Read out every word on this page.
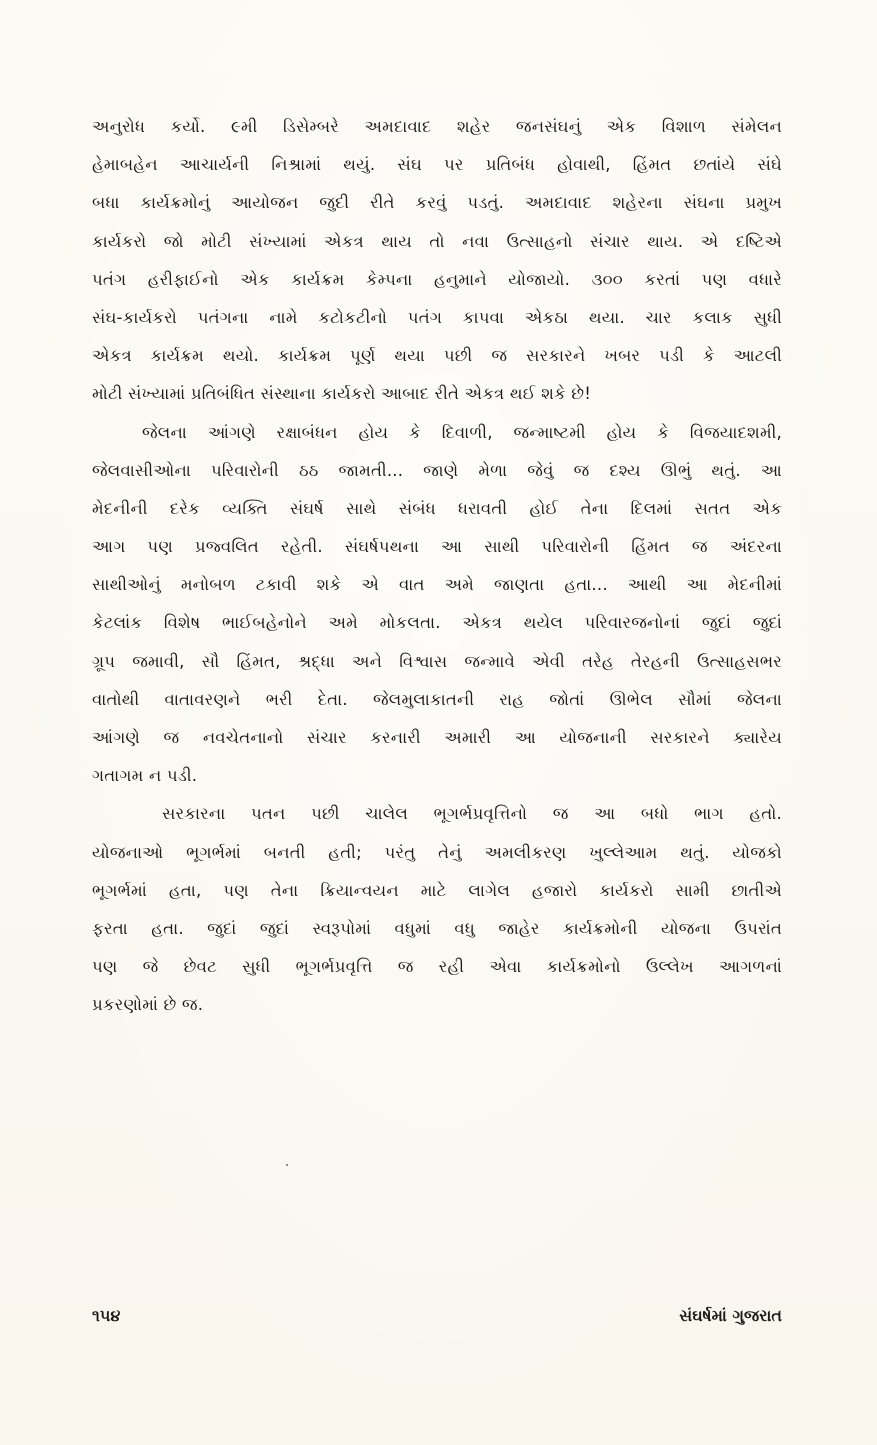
અનુરોધ કર્યો. ૯મી ડિસેમ્બરે અમદાવાદ શહેર જનસંઘનું એક વિશાળ સંમેલન
હેમાબહેન આચાર્યની નિશ્રામાં થયું. સંઘ પર પ્રતિબંધ હોવાથી, હિંમત છતાંયે સંઘે
બધા કાર્યક્રમોનું આયોજન જુદી રીતે કરવું પડતું. અમદાવાદ શહેરના સંઘના પ્રમુખ
કાર્યકરો જો મોટી સંખ્યામાં એકત્ર થાય તો નવા ઉત્સાહનો સંચાર થાય. એ દષ્ટિએ
પતંગ હરીફાઈનો એક કાર્યક્રમ કેમ્પના હનુમાને યોજાયો. ૩૦૦ કરતાં પણ વધારે
સંઘ-કાર્યકરો પતંગના નામે કટોકટીનો પતંગ કાપવા એકઠા થયા. ચાર કલાક સુધી
એકત્ર કાર્યક્રમ થયો. કાર્યક્રમ પૂર્ણ થયા પછી જ સરકારને ખબર પડી કે આટલી
મોટી સંખ્યામાં પ્રતિબંધિત સંસ્થાના કાર્યકરો આબાદ રીતે એકત્ર થઈ શકે છે!
જેલના આંગણે રક્ષાબંધન હોય કે દિવાળી, જન્માષ્ટમી હોય કે વિજયાદશમી,
જેલવાસીઓના પરિવારોની ઠઠ જામતી... જાણે મેળા જેવું જ દશ્ય ઊભું થતું. આ
મેદનીની દરેક વ્યક્તિ સંઘર્ષ સાથે સંબંધ ધરાવતી હોઈ તેના દિલમાં સતત એક
આગ પણ પ્રજ્વલિત રહેતી. સંઘર્ષપથના આ સાથી પરિવારોની હિંમત જ અંદરના
સાથીઓનું મનોબળ ટકાવી શકે એ વાત અમે જાણતા હતા... આથી આ મેદનીમાં
કેટલાંક વિશેષ ભાઈબહેનોને અમે મોકલતા. એકત્ર થયેલ પરિવારજનોનાં જુદાં જુદાં
ગ્રૂપ જમાવી, સૌ હિંમત, શ્રદ્ધા અને વિશ્વાસ જન્માવે એવી તરેહ તેરહની ઉત્સાહસભર
વાતોથી વાતાવરણને ભરી દેતા. જેલમુલાકાતની રાહ જોતાં ઊભેલ સૌમાં જેલના
આંગણે જ નવચેતનાનો સંચાર કરનારી અમારી આ યોજનાની સરકારને ક્યારેય
ગતાગમ ન પડી.
સરકારના પતન પછી ચાલેલ ભૂગર્ભપ્રવૃત્તિનો જ આ બધો ભાગ હતો.
યોજનાઓ ભૂગર્ભમાં બનતી હતી; પરંતુ તેનું અમલીકરણ ખુલ્લેઆમ થતું. યોજકો
ભૂગર્ભમાં હતા, પણ તેના ક્રિયાન્વયન માટે લાગેલ હજારો કાર્યકરો સામી છાતીએ
ફરતા હતા. જુદાં જુદાં સ્વરૂપોમાં વધુમાં વધુ જાહેર કાર્યક્રમોની યોજના ઉપરાંત
પણ જે છેવટ સુધી ભૂગર્ભપ્રવૃત્તિ જ રહી એવા કાર્યક્રમોનો ઉલ્લેખ આગળનાં
પ્રકરણોમાં છે જ.
૧૫૪	સંઘર્ષમાં ગુજરાત
